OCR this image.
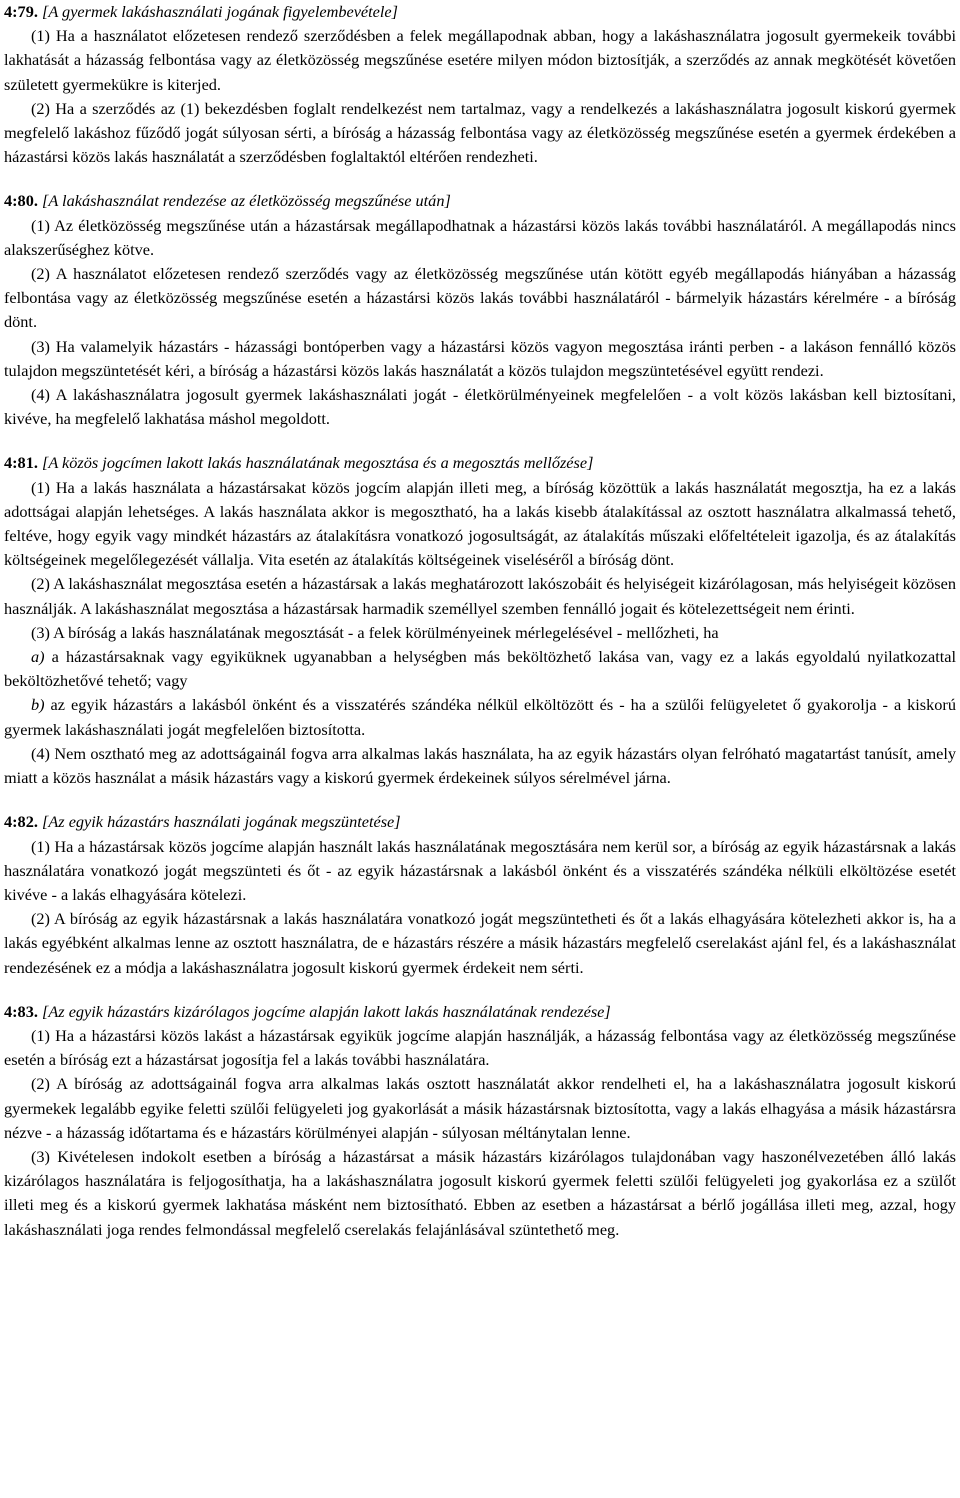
4:79. [A gyermek lakáshasználati jogának figyelembevétele]

(1) Ha a használatot előzetesen rendező szerződésben a felek megállapodnak abban, hogy a lakáshasználatra jogosult gyermekeik további lakhatását a házasság felbontása vagy az életközösség megszűnése esetére milyen módon biztosítják, a szerződés az annak megkötését követően született gyermekükre is kiterjed.

(2) Ha a szerződés az (1) bekezdésben foglalt rendelkezést nem tartalmaz, vagy a rendelkezés a lakáshasználatra jogosult kiskorú gyermek megfelelő lakáshoz fűződő jogát súlyosan sérti, a bíróság a házasság felbontása vagy az életközösség megszűnése esetén a gyermek érdekében a házastársi közös lakás használatát a szerződésben foglaltaktól eltérően rendezheti.

4:80. [A lakáshasználat rendezése az életközösség megszűnése után]

(1) Az életközösség megszűnése után a házastársak megállapodhatnak a házastársi közös lakás további használatáról. A megállapodás nincs alakszerűséghez kötve.

(2) A használatot előzetesen rendező szerződés vagy az életközösség megszűnése után kötött egyéb megállapodás hiányában a házasság felbontása vagy az életközösség megszűnése esetén a házastársi közös lakás további használatáról - bármelyik házastárs kérelmére - a bíróság dönt.

(3) Ha valamelyik házastárs - házassági bontóperben vagy a házastársi közös vagyon megosztása iránti perben - a lakáson fennálló közös tulajdon megszüntetését kéri, a bíróság a házastársi közös lakás használatát a közös tulajdon megszüntetésével együtt rendezi.

(4) A lakáshasználatra jogosult gyermek lakáshasználati jogát - életkörülményeinek megfelelően - a volt közös lakásban kell biztosítani, kivéve, ha megfelelő lakhatása máshol megoldott.

4:81. [A közös jogcímen lakott lakás használatának megosztása és a megosztás mellőzése]

(1) Ha a lakás használata a házastársakat közös jogcím alapján illeti meg, a bíróság közöttük a lakás használatát megosztja, ha ez a lakás adottságai alapján lehetséges. A lakás használata akkor is megosztható, ha a lakás kisebb átalakítással az osztott használatra alkalmassá tehető, feltéve, hogy egyik vagy mindkét házastárs az átalakításra vonatkozó jogosultságát, az átalakítás műszaki előfeltételeit igazolja, és az átalakítás költségeinek megelőlegezését vállalja. Vita esetén az átalakítás költségeinek viseléséről a bíróság dönt.

(2) A lakáshasználat megosztása esetén a házastársak a lakás meghatározott lakószobáit és helyiségeit kizárólagosan, más helyiségeit közösen használják. A lakáshasználat megosztása a házastársak harmadik személlyel szemben fennálló jogait és kötelezettségeit nem érinti.

(3) A bíróság a lakás használatának megosztását - a felek körülményeinek mérlegelésével - mellőzheti, ha

a) a házastársaknak vagy egyiküknek ugyanabban a helységben más beköltözhető lakása van, vagy ez a lakás egyoldalú nyilatkozattal beköltözhetővé tehető; vagy

b) az egyik házastárs a lakásból önként és a visszatérés szándéka nélkül elköltözött és - ha a szülői felügyeletet ő gyakorolja - a kiskorú gyermek lakáshasználati jogát megfelelően biztosította.

(4) Nem osztható meg az adottságainál fogva arra alkalmas lakás használata, ha az egyik házastárs olyan felróható magatartást tanúsít, amely miatt a közös használat a másik házastárs vagy a kiskorú gyermek érdekeinek súlyos sérelmével járna.

4:82. [Az egyik házastárs használati jogának megszüntetése]

(1) Ha a házastársak közös jogcíme alapján használt lakás használatának megosztására nem kerül sor, a bíróság az egyik házastársnak a lakás használatára vonatkozó jogát megszünteti és őt - az egyik házastársnak a lakásból önként és a visszatérés szándéka nélküli elköltözése esetét kivéve - a lakás elhagyására kötelezi.

(2) A bíróság az egyik házastársnak a lakás használatára vonatkozó jogát megszüntetheti és őt a lakás elhagyására kötelezheti akkor is, ha a lakás egyébként alkalmas lenne az osztott használatra, de e házastárs részére a másik házastárs megfelelő cserelakást ajánl fel, és a lakáshasználat rendezésének ez a módja a lakáshasználatra jogosult kiskorú gyermek érdekeit nem sérti.

4:83. [Az egyik házastárs kizárólagos jogcíme alapján lakott lakás használatának rendezése]

(1) Ha a házastársi közös lakást a házastársak egyikük jogcíme alapján használják, a házasság felbontása vagy az életközösség megszűnése esetén a bíróság ezt a házastársat jogosítja fel a lakás további használatára.

(2) A bíróság az adottságainál fogva arra alkalmas lakás osztott használatát akkor rendelheti el, ha a lakáshasználatra jogosult kiskorú gyermekek legalább egyike feletti szülői felügyeleti jog gyakorlását a másik házastársnak biztosította, vagy a lakás elhagyása a másik házastársra nézve - a házasság időtartama és e házastárs körülményei alapján - súlyosan méltánytalan lenne.

(3) Kivételesen indokolt esetben a bíróság a házastársat a másik házastárs kizárólagos tulajdonában vagy haszonélvezetében álló lakás kizárólagos használatára is feljogosíthatja, ha a lakáshasználatra jogosult kiskorú gyermek feletti szülői felügyeleti jog gyakorlása ez a szülőt illeti meg és a kiskorú gyermek lakhatása másként nem biztosítható. Ebben az esetben a házastársat a bérlő jogállása illeti meg, azzal, hogy lakáshasználati joga rendes felmondással megfelelő cserelakás felajánlásával szüntethető meg.
